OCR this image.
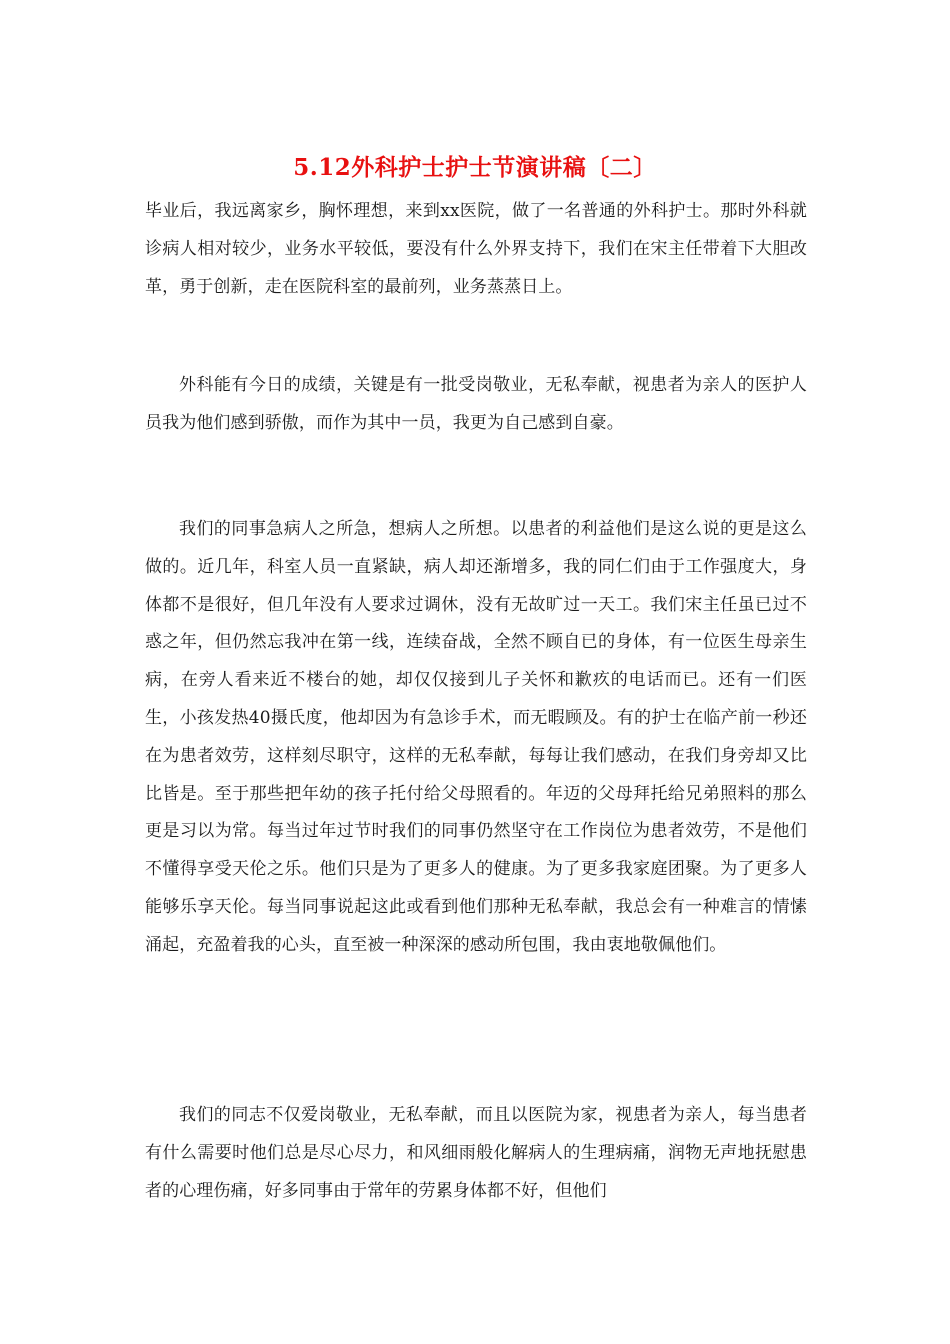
5.12外科护士护士节演讲稿〔二〕

毕业后，我远离家乡，胸怀理想，来到xx医院，做了一名普通的外科护士。那时外科就诊病人相对较少，业务水平较低，要没有什么外界支持下，我们在宋主任带着下大胆改革，勇于创新，走在医院科室的最前列，业务蒸蒸日上。

外科能有今日的成绩，关键是有一批受岗敬业，无私奉献，视患者为亲人的医护人员我为他们感到骄傲，而作为其中一员，我更为自己感到自豪。

我们的同事急病人之所急，想病人之所想。以患者的利益他们是这么说的更是这么做的。近几年，科室人员一直紧缺，病人却还渐增多，我的同仁们由于工作强度大，身体都不是很好，但几年没有人要求过调休，没有无故旷过一天工。我们宋主任虽已过不惑之年，但仍然忘我冲在第一线，连续奋战，全然不顾自已的身体，有一位医生母亲生病，在旁人看来近不楼台的她，却仅仅接到儿子关怀和歉疚的电话而已。还有一们医生，小孩发热40摄氏度，他却因为有急诊手术，而无暇顾及。有的护士在临产前一秒还在为患者效劳，这样刻尽职守，这样的无私奉献，每每让我们感动，在我们身旁却又比比皆是。至于那些把年幼的孩子托付给父母照看的。年迈的父母拜托给兄弟照料的那么更是习以为常。每当过年过节时我们的同事仍然坚守在工作岗位为患者效劳，不是他们不懂得享受天伦之乐。他们只是为了更多人的健康。为了更多我家庭团聚。为了更多人能够乐享天伦。每当同事说起这此或看到他们那种无私奉献，我总会有一种难言的情愫涌起，充盈着我的心头，直至被一种深深的感动所包围，我由衷地敬佩他们。

我们的同志不仅爱岗敬业，无私奉献，而且以医院为家，视患者为亲人，每当患者有什么需要时他们总是尽心尽力，和风细雨般化解病人的生理病痛，润物无声地抚慰患者的心理伤痛，好多同事由于常年的劳累身体都不好，但他们
